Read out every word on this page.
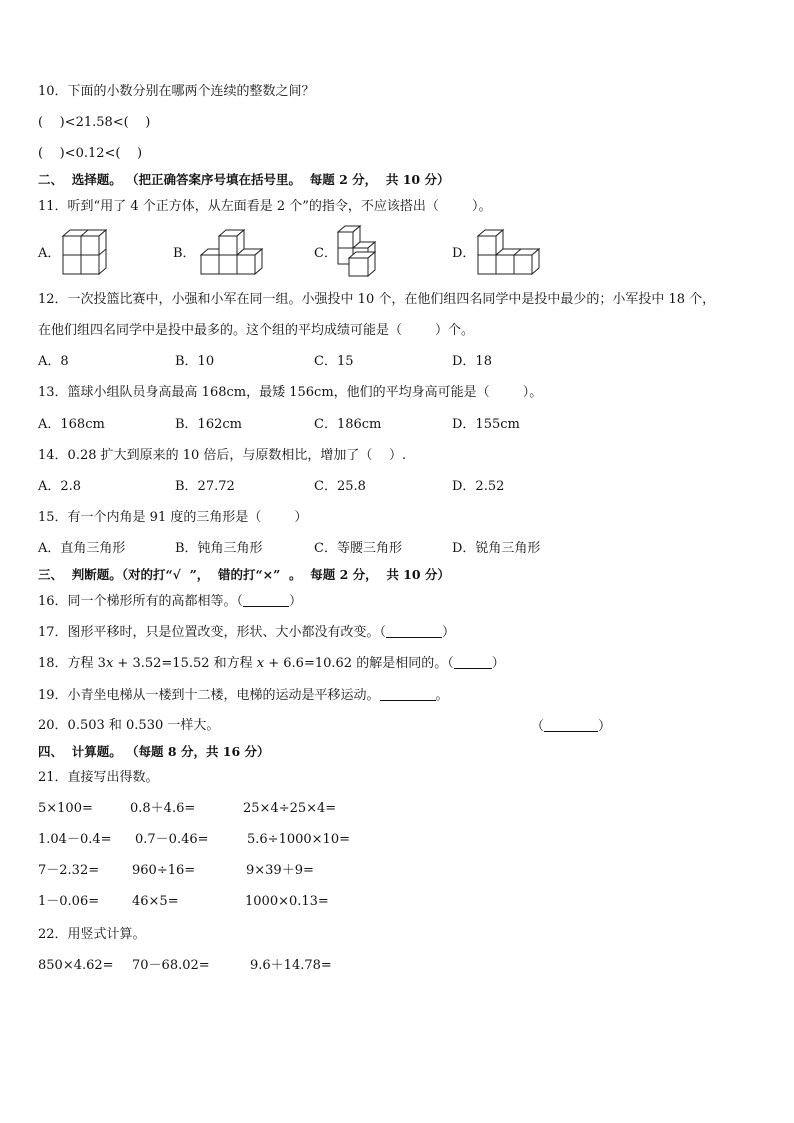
10．下面的小数分别在哪两个连续的整数之间？
(    )<21.58<(    )
(    )<0.12<(    )
二、  选择题。 （把正确答案序号填在括号里。  每题 2 分，  共 10 分）
11．听到“用了 4 个正方体，从左面看是 2 个”的指令，不应该搭出（        ）。
A．	B．	C．	D．
12．一次投篮比赛中，小强和小军在同一组。小强投中 10 个，在他们组四名同学中是投中最少的；小军投中 18 个，
在他们组四名同学中是投中最多的。这个组的平均成绩可能是（        ）个。
A．8	B．10	C．15	D．18
13．篮球小组队员身高最高 168cm，最矮 156cm，他们的平均身高可能是（        ）。
A．168cm	B．162cm	C．186cm	D．155cm
14．0.28 扩大到原来的 10 倍后，与原数相比，增加了（    ）.
A．2.8	B．27.72	C．25.8	D．2.52
15．有一个内角是 91 度的三角形是（        ）
A．直角三角形	B．钝角三角形	C．等腰三角形	D．锐角三角形
三、  判断题。（对的打“√  ”，  错的打“×”  。  每题 2 分，  共 10 分）
16．同一个梯形所有的高都相等。（	）
17．图形平移时，只是位置改变，形状、大小都没有改变。（	）
18．方程 3x + 3.52=15.52 和方程 x + 6.6=10.62 的解是相同的。（	）
19．小青坐电梯从一楼到十二楼，电梯的运动是平移运动。	。
20．0.503 和 0.530 一样大。	（	）
四、  计算题。 （每题 8 分，共 16 分）
21．直接写出得数。
5×100=	0.8＋4.6=	25×4÷25×4=
1.04－0.4= 0.7－0.46=	5.6÷1000×10=
7－2.32=	960÷16=	9×39＋9=
1－0.06=	46×5=	1000×0.13=
22．用竖式计算。
850×4.62= 70－68.02=	9.6＋14.78=
